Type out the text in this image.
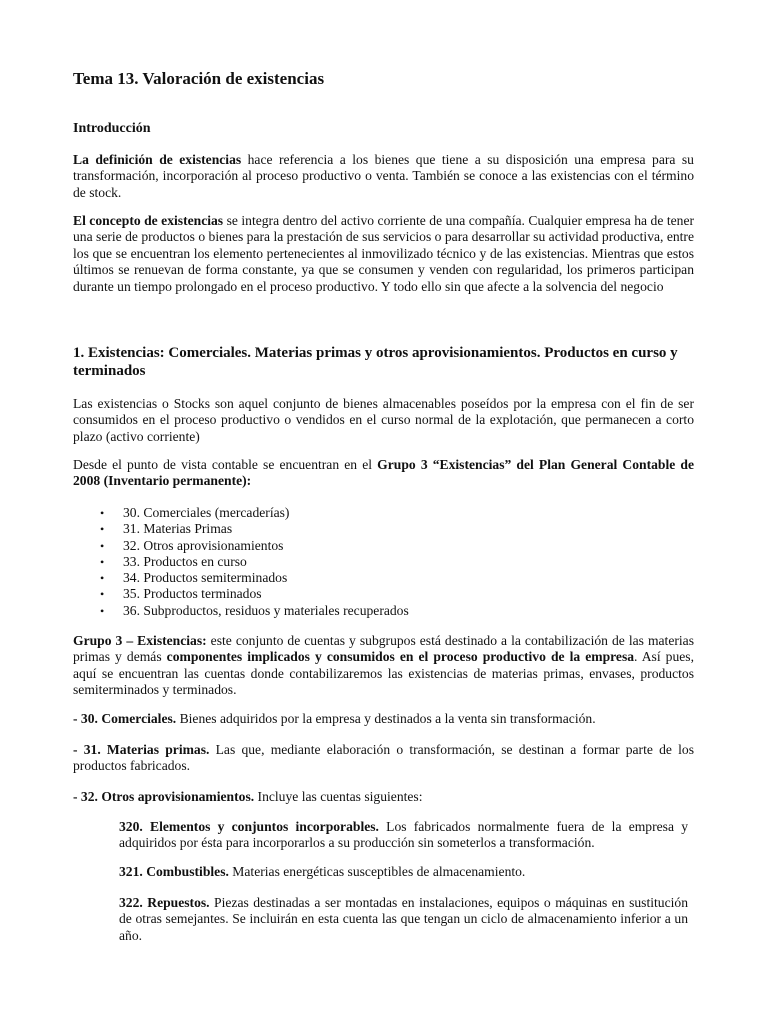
Tema 13. Valoración de existencias
Introducción

La definición de existencias hace referencia a los bienes que tiene a su disposición una empresa para su transformación, incorporación al proceso productivo o venta. También se conoce a las existencias con el término de stock.

El concepto de existencias se integra dentro del activo corriente de una compañía. Cualquier empresa ha de tener una serie de productos o bienes para la prestación de sus servicios o para desarrollar su actividad productiva, entre los que se encuentran los elemento pertenecientes al inmovilizado técnico y de las existencias. Mientras que estos últimos se renuevan de forma constante, ya que se consumen y venden con regularidad, los primeros participan durante un tiempo prolongado en el proceso productivo. Y todo ello sin que afecte a la solvencia del negocio

1. Existencias: Comerciales. Materias primas y otros aprovisionamientos. Productos en curso y terminados

Las existencias o Stocks son aquel conjunto de bienes almacenables poseídos por la empresa con el fin de ser consumidos en el proceso productivo o vendidos en el curso normal de la explotación, que permanecen a corto plazo (activo corriente)

Desde el punto de vista contable se encuentran en el Grupo 3 “Existencias” del Plan General Contable de 2008 (Inventario permanente):

• 30. Comerciales (mercaderías)
• 31. Materias Primas
• 32. Otros aprovisionamientos
• 33. Productos en curso
• 34. Productos semiterminados
• 35. Productos terminados
• 36. Subproductos, residuos y materiales recuperados

Grupo 3 – Existencias: este conjunto de cuentas y subgrupos está destinado a la contabilización de las materias primas y demás componentes implicados y consumidos en el proceso productivo de la empresa. Así pues, aquí se encuentran las cuentas donde contabilizaremos las existencias de materias primas, envases, productos semiterminados y terminados.

- 30. Comerciales. Bienes adquiridos por la empresa y destinados a la venta sin transformación.

- 31. Materias primas. Las que, mediante elaboración o transformación, se destinan a formar parte de los productos fabricados.

- 32. Otros aprovisionamientos. Incluye las cuentas siguientes:

320. Elementos y conjuntos incorporables. Los fabricados normalmente fuera de la empresa y adquiridos por ésta para incorporarlos a su producción sin someterlos a transformación.

321. Combustibles. Materias energéticas susceptibles de almacenamiento.

322. Repuestos. Piezas destinadas a ser montadas en instalaciones, equipos o máquinas en sustitución de otras semejantes. Se incluirán en esta cuenta las que tengan un ciclo de almacenamiento inferior a un año.
